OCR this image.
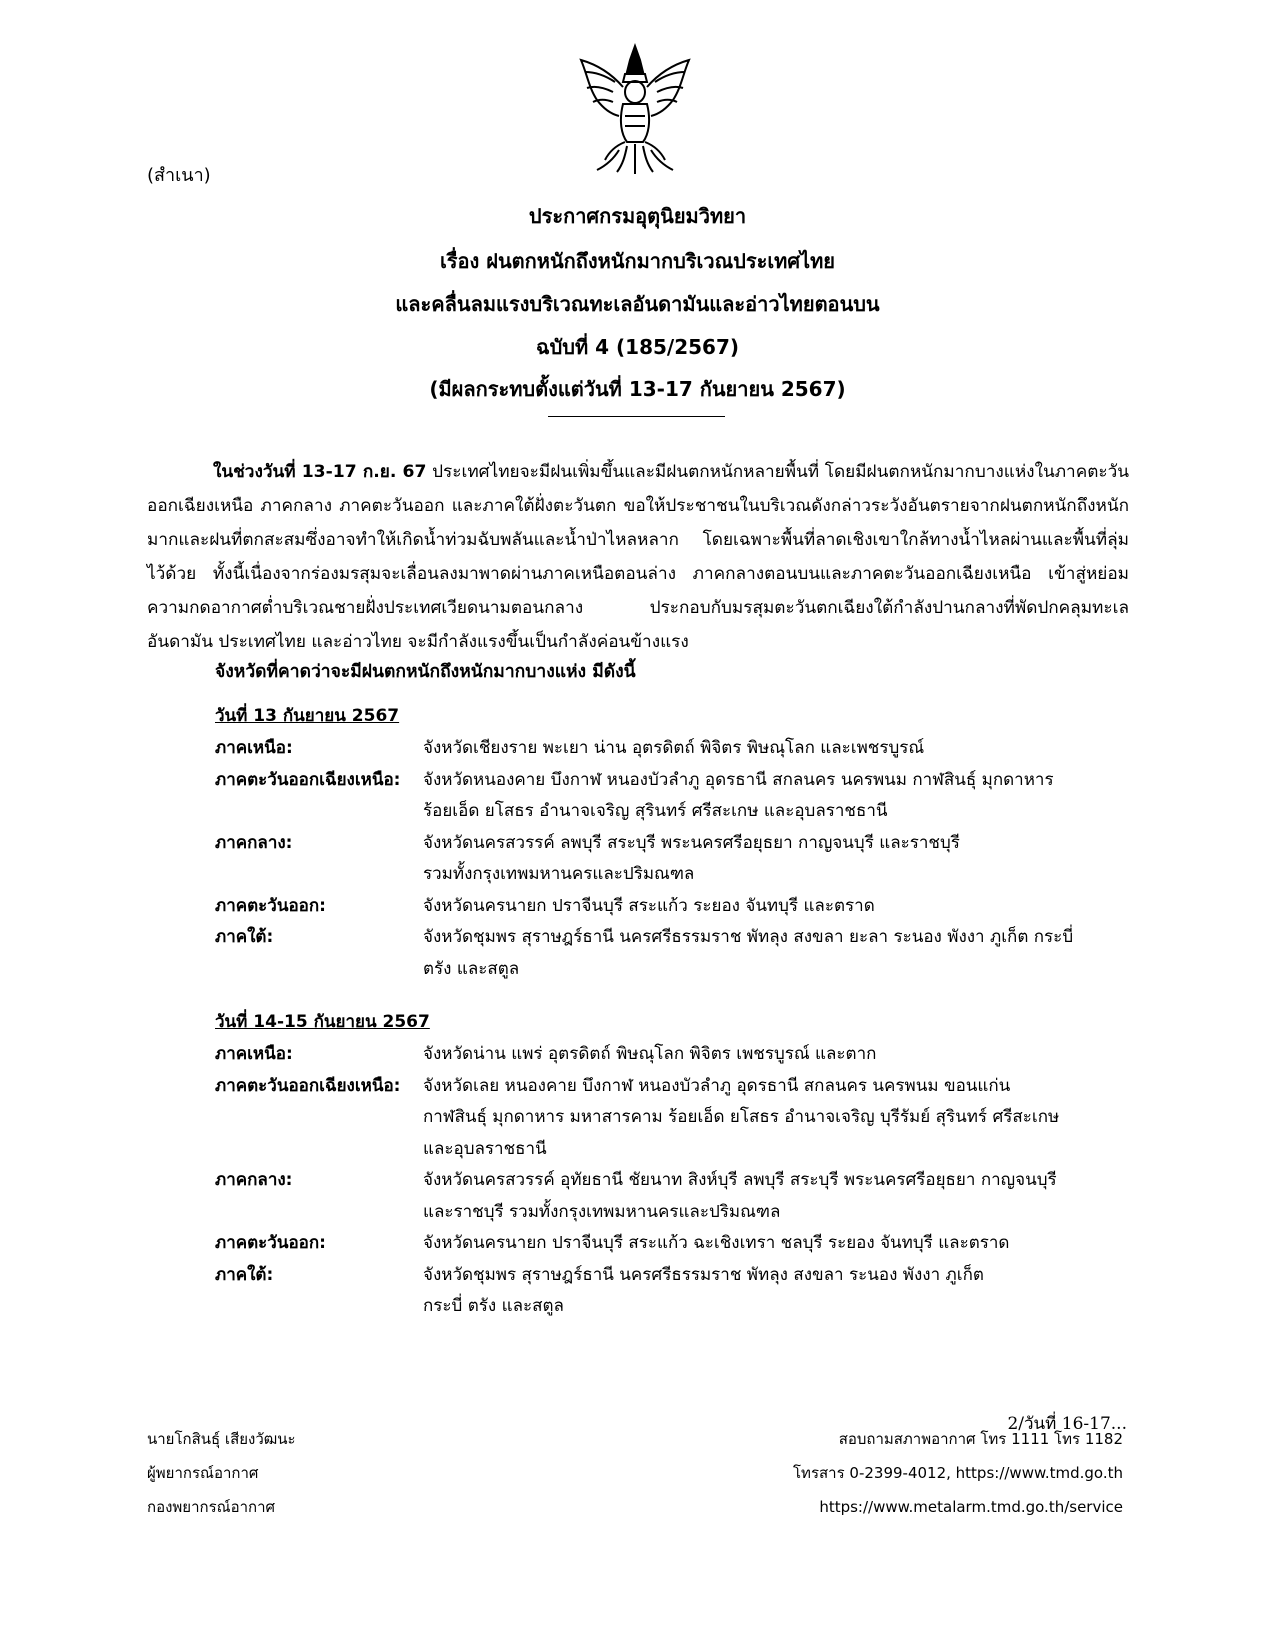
(สำเนา)
ประกาศกรมอุตุนิยมวิทยา
เรื่อง ฝนตกหนักถึงหนักมากบริเวณประเทศไทย
และคลื่นลมแรงบริเวณทะเลอันดามันและอ่าวไทยตอนบน
ฉบับที่ 4 (185/2567)
(มีผลกระทบตั้งแต่วันที่ 13-17 กันยายน 2567)

ในช่วงวันที่ 13-17 ก.ย. 67 ประเทศไทยจะมีฝนเพิ่มขึ้นและมีฝนตกหนักหลายพื้นที่ โดยมีฝนตกหนักมากบางแห่งในภาคตะวันออกเฉียงเหนือ ภาคกลาง ภาคตะวันออก และภาคใต้ฝั่งตะวันตก ขอให้ประชาชนในบริเวณดังกล่าวระวังอันตรายจากฝนตกหนักถึงหนักมากและฝนที่ตกสะสมซึ่งอาจทำให้เกิดน้ำท่วมฉับพลันและน้ำป่าไหลหลาก โดยเฉพาะพื้นที่ลาดเชิงเขาใกล้ทางน้ำไหลผ่านและพื้นที่ลุ่มไว้ด้วย ทั้งนี้เนื่องจากร่องมรสุมจะเลื่อนลงมาพาดผ่านภาคเหนือตอนล่าง ภาคกลางตอนบนและภาคตะวันออกเฉียงเหนือ เข้าสู่หย่อมความกดอากาศต่ำบริเวณชายฝั่งประเทศเวียดนามตอนกลาง ประกอบกับมรสุมตะวันตกเฉียงใต้กำลังปานกลางที่พัดปกคลุมทะเลอันดามัน ประเทศไทย และอ่าวไทย จะมีกำลังแรงขึ้นเป็นกำลังค่อนข้างแรง

จังหวัดที่คาดว่าจะมีฝนตกหนักถึงหนักมากบางแห่ง มีดังนี้
วันที่ 13 กันยายน 2567
ภาคเหนือ:	จังหวัดเชียงราย พะเยา น่าน อุตรดิตถ์ พิจิตร พิษณุโลก และเพชรบูรณ์
ภาคตะวันออกเฉียงเหนือ:	จังหวัดหนองคาย บึงกาฬ หนองบัวลำภู อุดรธานี สกลนคร นครพนม กาฬสินธุ์ มุกดาหาร
ร้อยเอ็ด ยโสธร อำนาจเจริญ สุรินทร์ ศรีสะเกษ และอุบลราชธานี
ภาคกลาง:	จังหวัดนครสวรรค์ ลพบุรี สระบุรี พระนครศรีอยุธยา กาญจนบุรี และราชบุรี
รวมทั้งกรุงเทพมหานครและปริมณฑล
ภาคตะวันออก:	จังหวัดนครนายก ปราจีนบุรี สระแก้ว ระยอง จันทบุรี และตราด
ภาคใต้:	จังหวัดชุมพร สุราษฎร์ธานี นครศรีธรรมราช พัทลุง สงขลา ยะลา ระนอง พังงา ภูเก็ต กระบี่
ตรัง และสตูล
วันที่ 14-15 กันยายน 2567
ภาคเหนือ:	จังหวัดน่าน แพร่ อุตรดิตถ์ พิษณุโลก พิจิตร เพชรบูรณ์ และตาก
ภาคตะวันออกเฉียงเหนือ:	จังหวัดเลย หนองคาย บึงกาฬ หนองบัวลำภู อุดรธานี สกลนคร นครพนม ขอนแก่น
กาฬสินธุ์ มุกดาหาร มหาสารคาม ร้อยเอ็ด ยโสธร อำนาจเจริญ บุรีรัมย์ สุรินทร์ ศรีสะเกษ
และอุบลราชธานี
ภาคกลาง:	จังหวัดนครสวรรค์ อุทัยธานี ชัยนาท สิงห์บุรี ลพบุรี สระบุรี พระนครศรีอยุธยา กาญจนบุรี
และราชบุรี รวมทั้งกรุงเทพมหานครและปริมณฑล
ภาคตะวันออก:	จังหวัดนครนายก ปราจีนบุรี สระแก้ว ฉะเชิงเทรา ชลบุรี ระยอง จันทบุรี และตราด
ภาคใต้:	จังหวัดชุมพร สุราษฎร์ธานี นครศรีธรรมราช พัทลุง สงขลา ระนอง พังงา ภูเก็ต
กระบี่ ตรัง และสตูล
2/วันที่ 16-17...
นายโกสินธุ์ เสียงวัฒนะ
ผู้พยากรณ์อากาศ
กองพยากรณ์อากาศ
สอบถามสภาพอากาศ โทร 1111 โทร 1182
โทรสาร 0-2399-4012, https://www.tmd.go.th
https://www.metalarm.tmd.go.th/service
